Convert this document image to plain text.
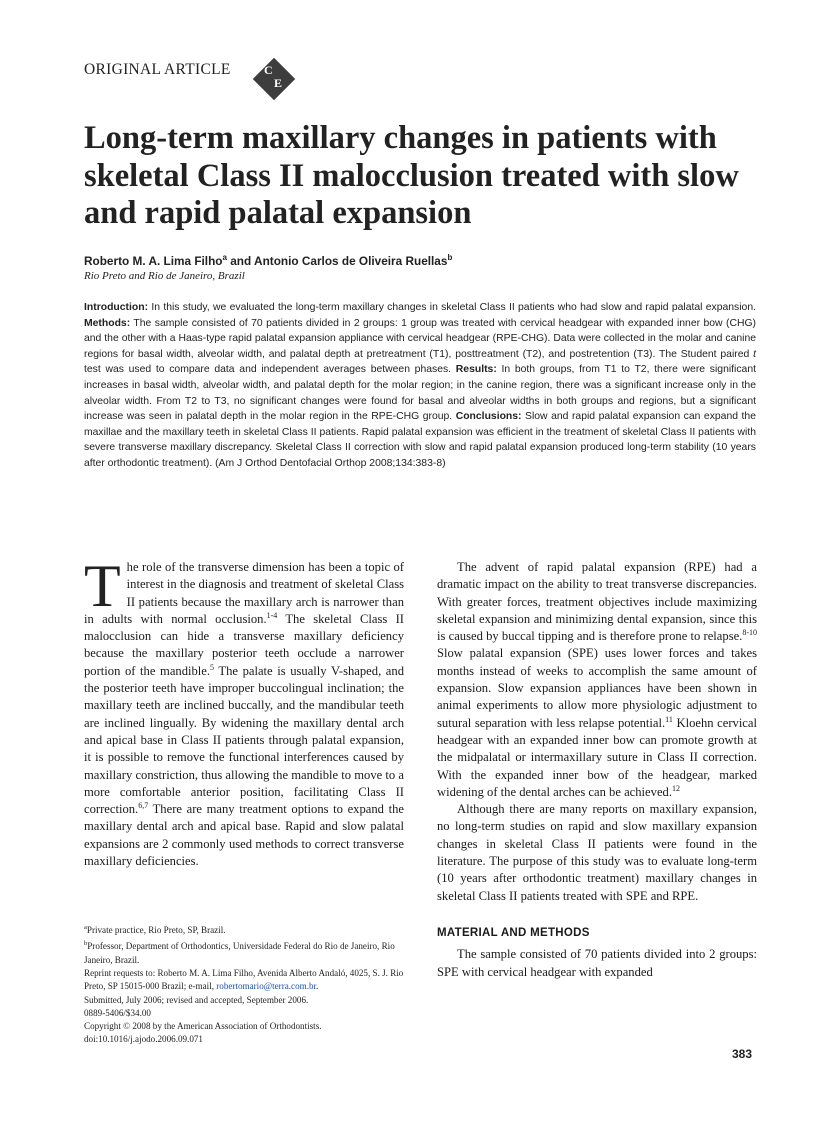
ORIGINAL ARTICLE	C
E
Long-term maxillary changes in patients with skeletal Class II malocclusion treated with slow and rapid palatal expansion
Roberto M. A. Lima Filho$^a$ and Antonio Carlos de Oliveira Ruellas$^b$
Rio Preto and Rio de Janeiro, Brazil
Introduction: In this study, we evaluated the long-term maxillary changes in skeletal Class II patients who had slow and rapid palatal expansion. Methods: The sample consisted of 70 patients divided in 2 groups: 1 group was treated with cervical headgear with expanded inner bow (CHG) and the other with a Haas-type rapid palatal expansion appliance with cervical headgear (RPE-CHG). Data were collected in the molar and canine regions for basal width, alveolar width, and palatal depth at pretreatment (T1), posttreatment (T2), and postretention (T3). The Student paired t test was used to compare data and independent averages between phases. Results: In both groups, from T1 to T2, there were significant increases in basal width, alveolar width, and palatal depth for the molar region; in the canine region, there was a significant increase only in the alveolar width. From T2 to T3, no significant changes were found for basal and alveolar widths in both groups and regions, but a significant increase was seen in palatal depth in the molar region in the RPE-CHG group. Conclusions: Slow and rapid palatal expansion can expand the maxillae and the maxillary teeth in skeletal Class II patients. Rapid palatal expansion was efficient in the treatment of skeletal Class II patients with severe transverse maxillary discrepancy. Skeletal Class II correction with slow and rapid palatal expansion produced long-term stability (10 years after orthodontic treatment). (Am J Orthod Dentofacial Orthop 2008;134:383-8)

The role of the transverse dimension has been a topic of interest in the diagnosis and treatment of skeletal Class II patients because the maxillary arch is narrower than in adults with normal occlusion.$^{1-4}$ The skeletal Class II malocclusion can hide a transverse maxillary deficiency because the maxillary posterior teeth occlude a narrower portion of the mandible.$^5$ The palate is usually V-shaped, and the posterior teeth have improper buccolingual inclination; the maxillary teeth are inclined buccally, and the mandibular teeth are inclined lingually. By widening the maxillary dental arch and apical base in Class II patients through palatal expansion, it is possible to remove the functional interferences caused by maxillary constriction, thus allowing the mandible to move to a more comfortable anterior position, facilitating Class II correction.$^{6,7}$ There are many treatment options to expand the maxillary dental arch and apical base. Rapid and slow palatal expansions are 2 commonly used methods to correct transverse maxillary deficiencies.

The advent of rapid palatal expansion (RPE) had a dramatic impact on the ability to treat transverse discrepancies. With greater forces, treatment objectives include maximizing skeletal expansion and minimizing dental expansion, since this is caused by buccal tipping and is therefore prone to relapse.$^{8-10}$ Slow palatal expansion (SPE) uses lower forces and takes months instead of weeks to accomplish the same amount of expansion. Slow expansion appliances have been shown in animal experiments to allow more physiologic adjustment to sutural separation with less relapse potential.$^{11}$ Kloehn cervical headgear with an expanded inner bow can promote growth at the midpalatal or intermaxillary suture in Class II correction. With the expanded inner bow of the headgear, marked widening of the dental arches can be achieved.$^{12}$

Although there are many reports on maxillary expansion, no long-term studies on rapid and slow maxillary expansion changes in skeletal Class II patients were found in the literature. The purpose of this study was to evaluate long-term (10 years after orthodontic treatment) maxillary changes in skeletal Class II patients treated with SPE and RPE.

MATERIAL AND METHODS

The sample consisted of 70 patients divided into 2 groups: SPE with cervical headgear with expanded

$^a$Private practice, Rio Preto, SP, Brazil.
$^b$Professor, Department of Orthodontics, Universidade Federal do Rio de Janeiro, Rio Janeiro, Brazil.
Reprint requests to: Roberto M. A. Lima Filho, Avenida Alberto Andaló, 4025, S. J. Rio Preto, SP 15015-000 Brazil; e-mail, robertomario@terra.com.br.
Submitted, July 2006; revised and accepted, September 2006.
0889-5406/$34.00
Copyright © 2008 by the American Association of Orthodontists.
doi:10.1016/j.ajodo.2006.09.071
383
